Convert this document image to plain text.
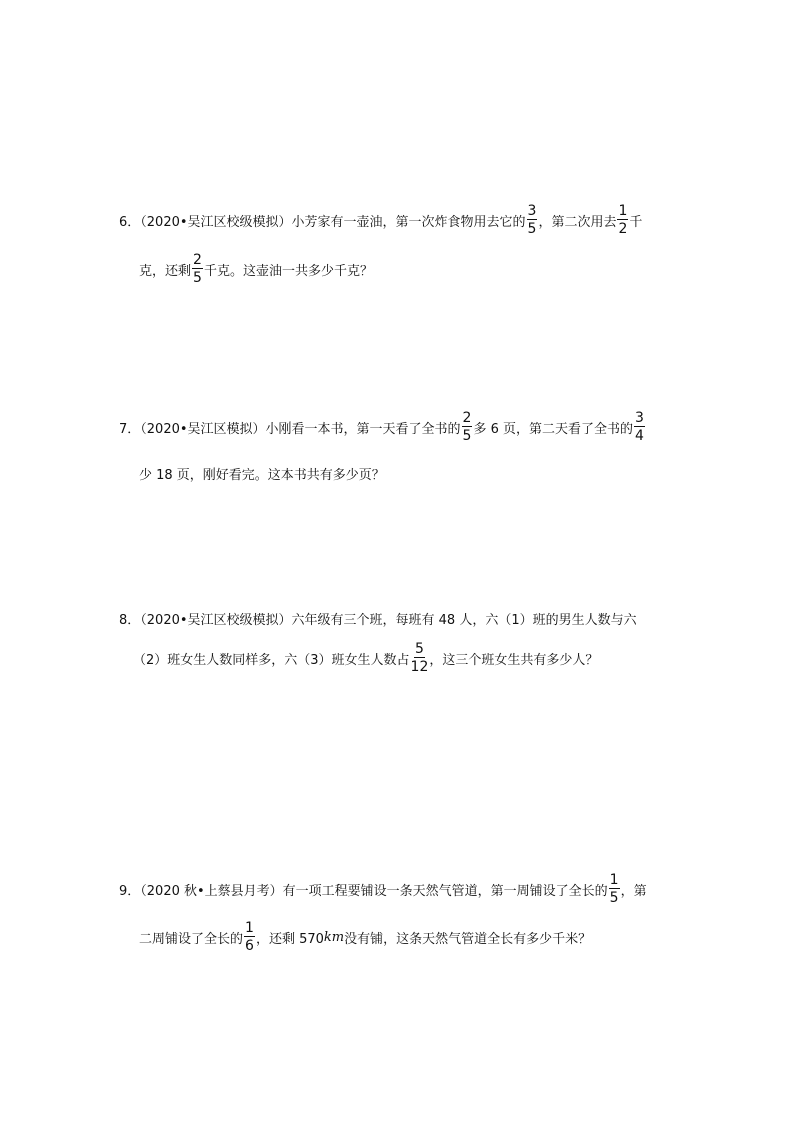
6．（2020•吴江区校级模拟）小芳家有一壶油，第一次炸食物用去它的 $\frac{3}{5}$ ，第二次用去 $\frac{1}{2}$ 千
克，还剩 $\frac{2}{5}$ 千克。这壶油一共多少千克？
7．（2020•吴江区模拟）小刚看一本书，第一天看了全书的 $\frac{2}{5}$ 多 6 页，第二天看了全书的 $\frac{3}{4}$
少 18 页，刚好看完。这本书共有多少页？
8．（2020•吴江区校级模拟）六年级有三个班，每班有 48 人，六（1）班的男生人数与六
（2）班女生人数同样多，六（3）班女生人数占 $\frac{5}{12}$ ，这三个班女生共有多少人？
9．（2020 秋•上蔡县月考）有一项工程要铺设一条天然气管道，第一周铺设了全长的 $\frac{1}{5}$ ，第
二周铺设了全长的 $\frac{1}{6}$ ，还剩 570 km 没有铺，这条天然气管道全长有多少千米？
